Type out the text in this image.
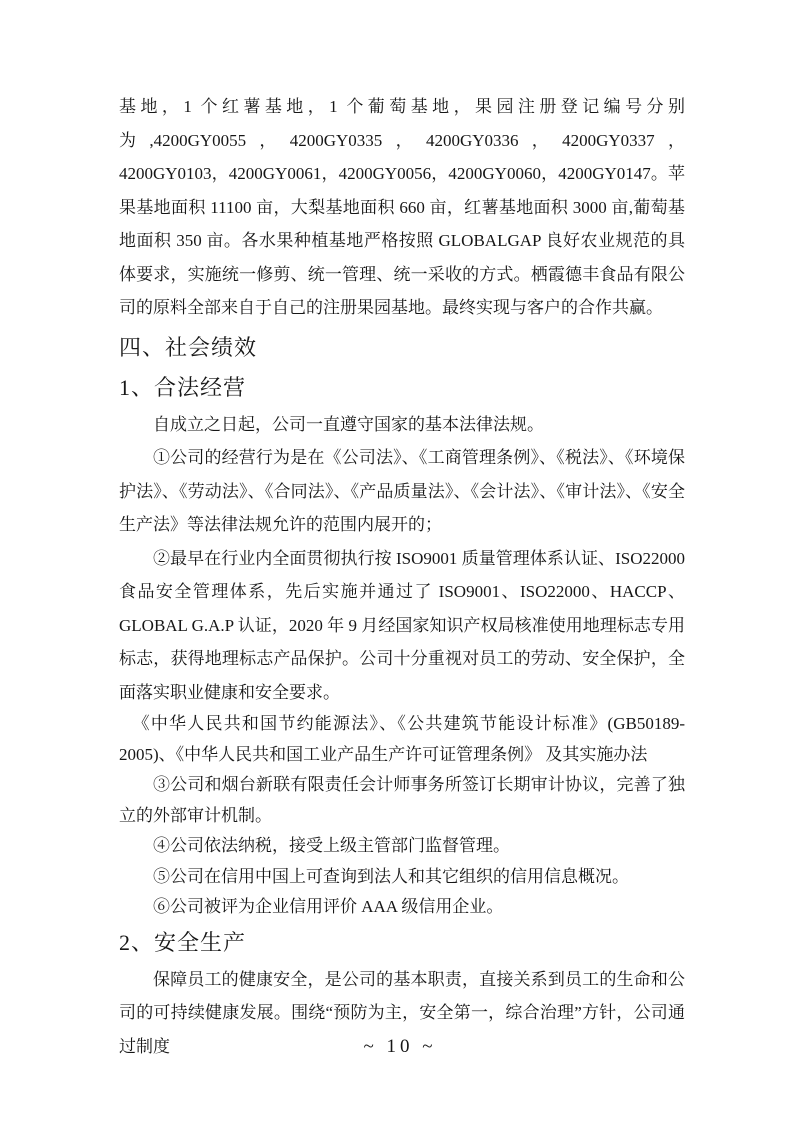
基地，1 个红薯基地，1 个葡萄基地，果园注册登记编号分别为,4200GY0055，4200GY0335，4200GY0336，4200GY0337，4200GY0103，4200GY0061，4200GY0056，4200GY0060，4200GY0147。苹果基地面积 11100 亩，大梨基地面积 660 亩，红薯基地面积 3000 亩,葡萄基地面积 350 亩。各水果种植基地严格按照 GLOBALGAP 良好农业规范的具体要求，实施统一修剪、统一管理、统一采收的方式。栖霞德丰食品有限公司的原料全部来自于自己的注册果园基地。最终实现与客户的合作共赢。

四、社会绩效
1、合法经营

自成立之日起，公司一直遵守国家的基本法律法规。

①公司的经营行为是在《公司法》、《工商管理条例》、《税法》、《环境保护法》、《劳动法》、《合同法》、《产品质量法》、《会计法》、《审计法》、《安全生产法》等法律法规允许的范围内展开的；

②最早在行业内全面贯彻执行按 ISO9001 质量管理体系认证、ISO22000 食品安全管理体系，先后实施并通过了 ISO9001、ISO22000、HACCP、GLOBAL G.A.P 认证，2020 年 9 月经国家知识产权局核准使用地理标志专用标志，获得地理标志产品保护。公司十分重视对员工的劳动、安全保护，全面落实职业健康和安全要求。

《中华人民共和国节约能源法》、《公共建筑节能设计标准》(GB50189-2005)、《中华人民共和国工业产品生产许可证管理条例》 及其实施办法

③公司和烟台新联有限责任会计师事务所签订长期审计协议，完善了独立的外部审计机制。

④公司依法纳税，接受上级主管部门监督管理。

⑤公司在信用中国上可查询到法人和其它组织的信用信息概况。

⑥公司被评为企业信用评价 AAA 级信用企业。

2、安全生产

保障员工的健康安全，是公司的基本职责，直接关系到员工的生命和公司的可持续健康发展。围绕“预防为主，安全第一，综合治理”方针，公司通过制度	~ 10 ~
